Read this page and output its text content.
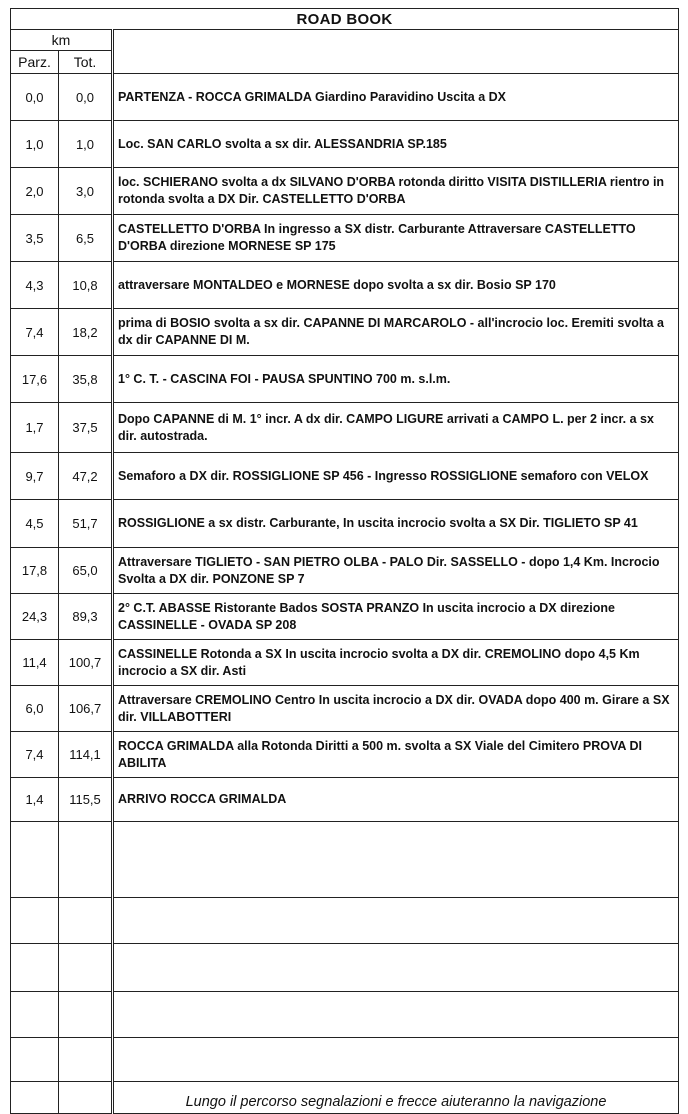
ROAD BOOK		
km		
Parz.	Tot.	
0,0	0,0	PARTENZA - ROCCA GRIMALDA Giardino Paravidino Uscita a DX
1,0	1,0	Loc. SAN CARLO svolta a sx dir. ALESSANDRIA SP.185
2,0	3,0	loc. SCHIERANO svolta a dx SILVANO D'ORBA rotonda diritto VISITA DISTILLERIA rientro in rotonda svolta a DX Dir. CASTELLETTO D'ORBA
3,5	6,5	CASTELLETTO D'ORBA In ingresso a SX distr. Carburante Attraversare CASTELLETTO D'ORBA direzione MORNESE SP 175
4,3	10,8	attraversare MONTALDEO e MORNESE dopo svolta a sx dir. Bosio SP 170
7,4	18,2	prima di BOSIO svolta a sx dir. CAPANNE DI MARCAROLO - all'incrocio loc. Eremiti svolta a dx dir CAPANNE DI M.
17,6	35,8	1° C. T. - CASCINA FOI - PAUSA SPUNTINO 700 m. s.l.m.
1,7	37,5	Dopo CAPANNE di M. 1° incr. A dx dir. CAMPO LIGURE arrivati a CAMPO L. per 2 incr. a sx dir. autostrada.
9,7	47,2	Semaforo a DX dir. ROSSIGLIONE SP 456 - Ingresso ROSSIGLIONE semaforo con VELOX
4,5	51,7	ROSSIGLIONE a sx distr. Carburante, In uscita incrocio svolta a SX Dir. TIGLIETO SP 41
17,8	65,0	Attraversare TIGLIETO - SAN PIETRO OLBA - PALO Dir. SASSELLO - dopo 1,4 Km. Incrocio Svolta a DX dir. PONZONE SP 7
24,3	89,3	2° C.T. ABASSE Ristorante Bados SOSTA PRANZO In uscita incrocio a DX direzione CASSINELLE - OVADA SP 208
11,4	100,7	CASSINELLE Rotonda a SX In uscita incrocio svolta a DX dir. CREMOLINO dopo 4,5 Km incrocio a SX dir. Asti
6,0	106,7	Attraversare CREMOLINO Centro In uscita incrocio a DX dir. OVADA dopo 400 m. Girare a SX dir. VILLABOTTERI
7,4	114,1	ROCCA GRIMALDA alla Rotonda Diritti a 500 m. svolta a SX Viale del Cimitero PROVA DI ABILITA
1,4	115,5	ARRIVO ROCCA GRIMALDA

		Lungo il percorso segnalazioni e frecce aiuteranno la navigazione
